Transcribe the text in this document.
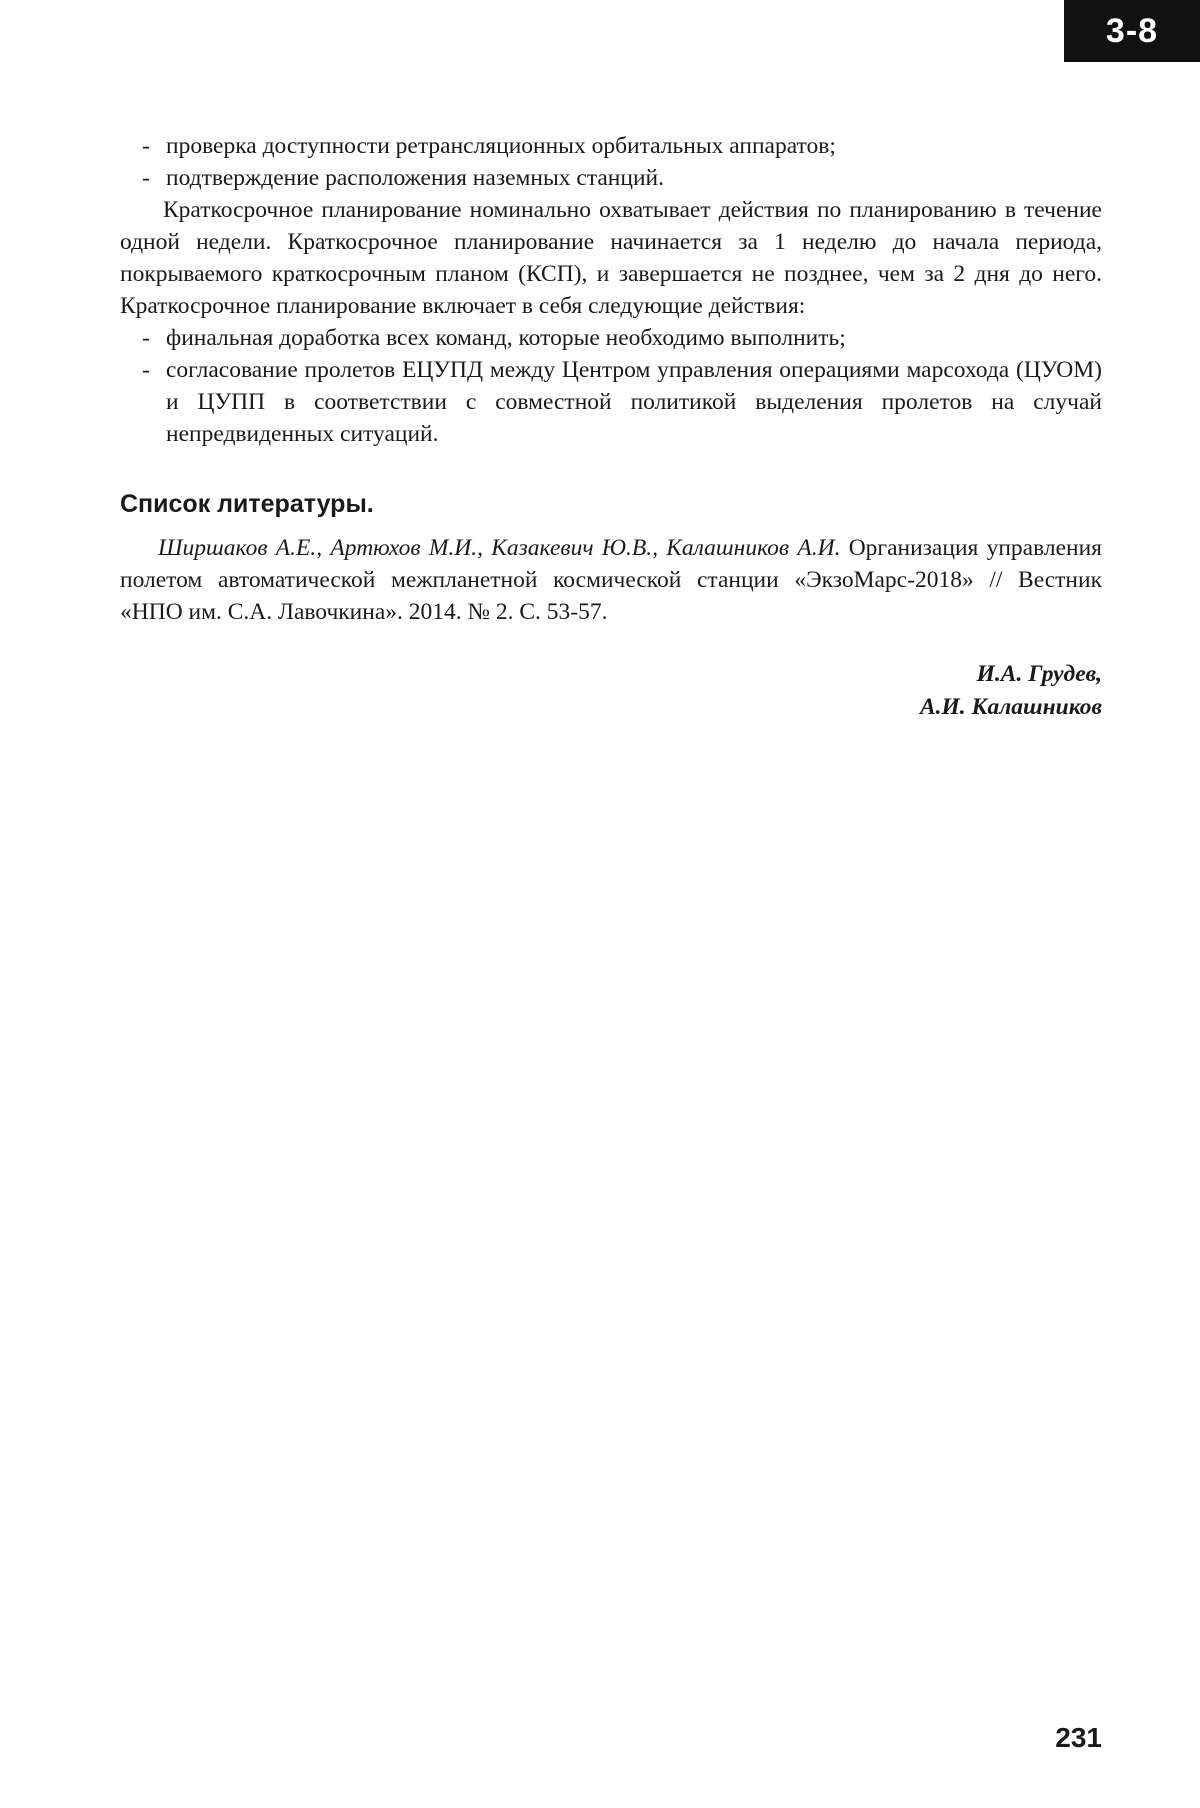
3-8
- проверка доступности ретрансляционных орбитальных аппаратов;
- подтверждение расположения наземных станций.

Краткосрочное планирование номинально охватывает действия по планированию в течение одной недели. Краткосрочное планирование начинается за 1 неделю до начала периода, покрываемого краткосрочным планом (КСП), и завершается не позднее, чем за 2 дня до него. Краткосрочное планирование включает в себя следующие действия:

- финальная доработка всех команд, которые необходимо выполнить;
- согласование пролетов ЕЦУПД между Центром управления операциями марсохода (ЦУОМ) и ЦУПП в соответствии с совместной политикой выделения пролетов на случай непредвиденных ситуаций.
Список литературы.

Ширшаков А.Е., Артюхов М.И., Казакевич Ю.В., Калашников А.И. Организация управления полетом автоматической межпланетной космической станции «ЭкзоМарс-2018» // Вестник «НПО им. С.А. Лавочкина». 2014. № 2. С. 53-57.

И.А. Грудев,
А.И. Калашников
231
